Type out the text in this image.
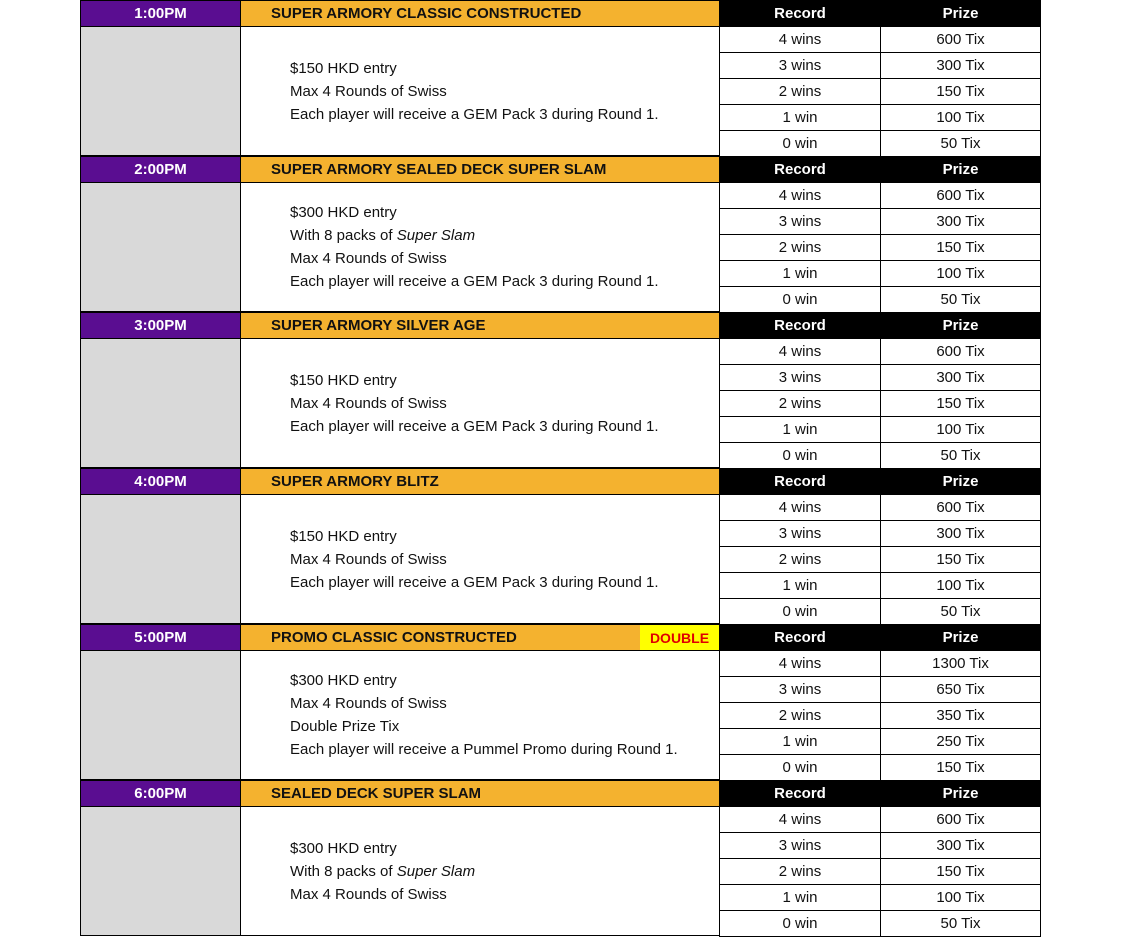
1:00PM	SUPER ARMORY CLASSIC CONSTRUCTED
$150 HKD entry
Max 4 Rounds of Swiss
Each player will receive a GEM Pack 3 during Round 1.
Record	Prize
4 wins	600 Tix
3 wins	300 Tix
2 wins	150 Tix
1 win	100 Tix
0 win	50 Tix
2:00PM	SUPER ARMORY SEALED DECK SUPER SLAM
$300 HKD entry
With 8 packs of Super Slam
Max 4 Rounds of Swiss
Each player will receive a GEM Pack 3 during Round 1.
Record	Prize
4 wins	600 Tix
3 wins	300 Tix
2 wins	150 Tix
1 win	100 Tix
0 win	50 Tix
3:00PM	SUPER ARMORY SILVER AGE
$150 HKD entry
Max 4 Rounds of Swiss
Each player will receive a GEM Pack 3 during Round 1.
Record	Prize
4 wins	600 Tix
3 wins	300 Tix
2 wins	150 Tix
1 win	100 Tix
0 win	50 Tix
4:00PM	SUPER ARMORY BLITZ
$150 HKD entry
Max 4 Rounds of Swiss
Each player will receive a GEM Pack 3 during Round 1.
Record	Prize
4 wins	600 Tix
3 wins	300 Tix
2 wins	150 Tix
1 win	100 Tix
0 win	50 Tix
5:00PM	PROMO CLASSIC CONSTRUCTED	DOUBLE
$300 HKD entry
Max 4 Rounds of Swiss
Double Prize Tix
Each player will receive a Pummel Promo during Round 1.
Record	Prize
4 wins	1300 Tix
3 wins	650 Tix
2 wins	350 Tix
1 win	250 Tix
0 win	150 Tix
6:00PM	SEALED DECK SUPER SLAM
$300 HKD entry
With 8 packs of Super Slam
Max 4 Rounds of Swiss
Record	Prize
4 wins	600 Tix
3 wins	300 Tix
2 wins	150 Tix
1 win	100 Tix
0 win	50 Tix
